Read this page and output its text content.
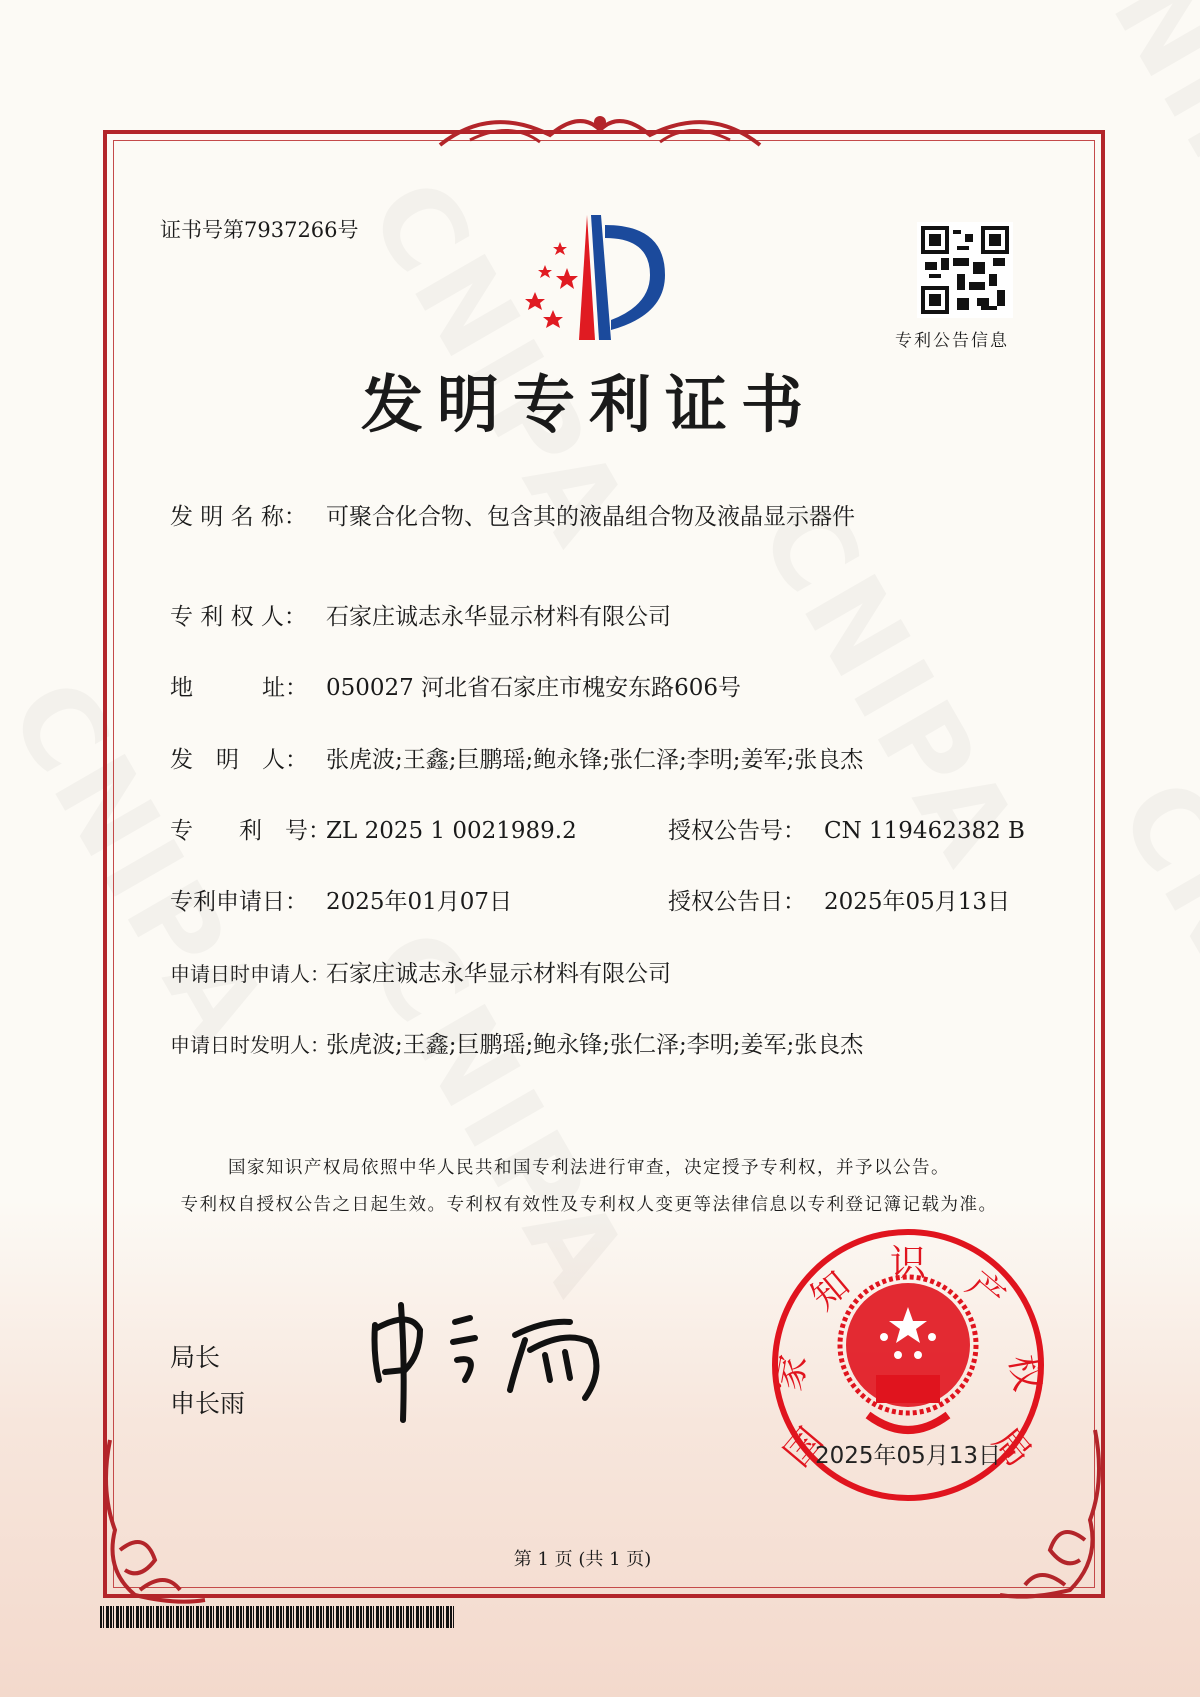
证书号第7937266号
专利公告信息
发明专利证书
发 明 名 称： 可聚合化合物、包含其的液晶组合物及液晶显示器件
专 利 权 人： 石家庄诚志永华显示材料有限公司
地　　　址： 050027 河北省石家庄市槐安东路606号
发　明　人： 张虎波;王鑫;巨鹏瑶;鲍永锋;张仁泽;李明;姜军;张良杰
专　　利　号：ZL 2025 1 0021989.2	授权公告号： CN 119462382 B
专利申请日： 2025年01月07日	授权公告日： 2025年05月13日
申请日时申请人：石家庄诚志永华显示材料有限公司
申请日时发明人：张虎波;王鑫;巨鹏瑶;鲍永锋;张仁泽;李明;姜军;张良杰
国家知识产权局依照中华人民共和国专利法进行审查，决定授予专利权，并予以公告。
专利权自授权公告之日起生效。专利权有效性及专利权人变更等法律信息以专利登记簿记载为准。
局长
申长雨
国
家
知
识
产
权
局
2025年05月13日
第 1 页 (共 1 页)
